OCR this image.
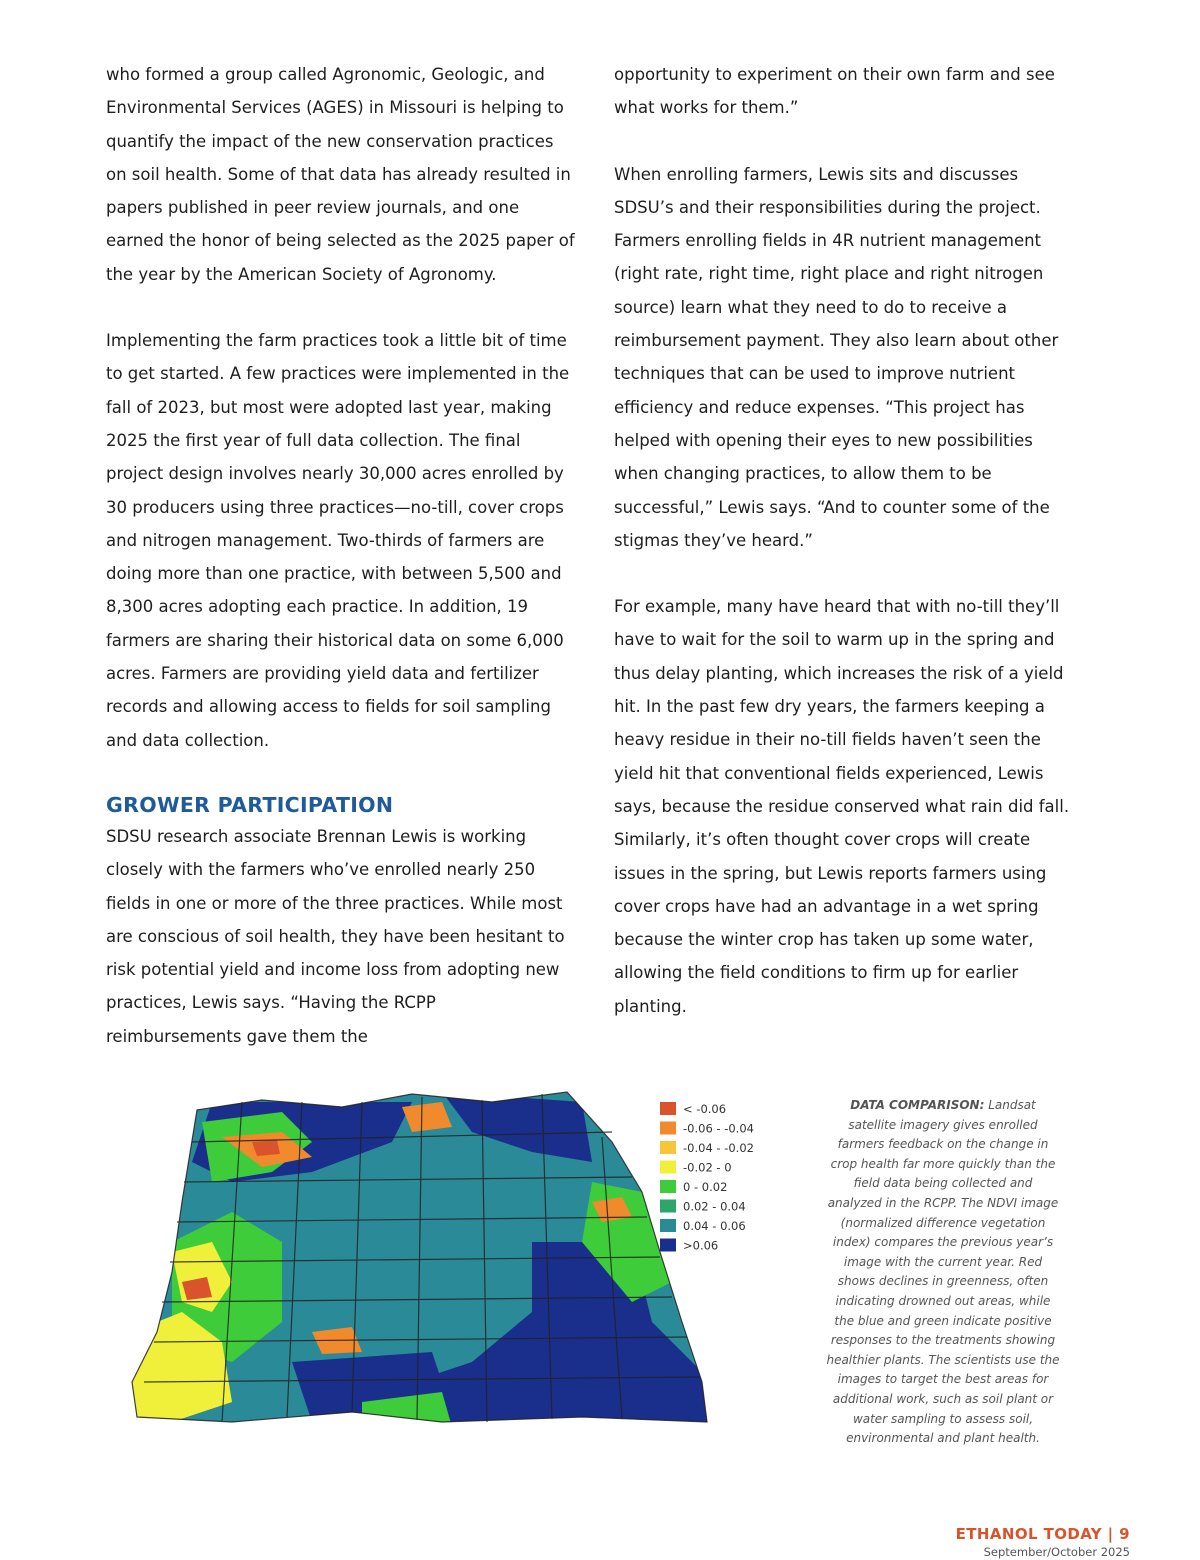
who formed a group called Agronomic, Geologic, and Environmental Services (AGES) in Missouri is helping to quantify the impact of the new conservation practices on soil health. Some of that data has already resulted in papers published in peer review journals, and one earned the honor of being selected as the 2025 paper of the year by the American Society of Agronomy.

Implementing the farm practices took a little bit of time to get started. A few practices were implemented in the fall of 2023, but most were adopted last year, making 2025 the first year of full data collection. The final project design involves nearly 30,000 acres enrolled by 30 producers using three practices—no-till, cover crops and nitrogen management. Two-thirds of farmers are doing more than one practice, with between 5,500 and 8,300 acres adopting each practice. In addition, 19 farmers are sharing their historical data on some 6,000 acres. Farmers are providing yield data and fertilizer records and allowing access to fields for soil sampling and data collection.

GROWER PARTICIPATION

SDSU research associate Brennan Lewis is working closely with the farmers who’ve enrolled nearly 250 fields in one or more of the three practices. While most are conscious of soil health, they have been hesitant to risk potential yield and income loss from adopting new practices, Lewis says. “Having the RCPP reimbursements gave them the

opportunity to experiment on their own farm and see what works for them.”

When enrolling farmers, Lewis sits and discusses SDSU’s and their responsibilities during the project. Farmers enrolling fields in 4R nutrient management (right rate, right time, right place and right nitrogen source) learn what they need to do to receive a reimbursement payment. They also learn about other techniques that can be used to improve nutrient efficiency and reduce expenses. “This project has helped with opening their eyes to new possibilities when changing practices, to allow them to be successful,” Lewis says. “And to counter some of the stigmas they’ve heard.”

For example, many have heard that with no-till they’ll have to wait for the soil to warm up in the spring and thus delay planting, which increases the risk of a yield hit. In the past few dry years, the farmers keeping a heavy residue in their no-till fields haven’t seen the yield hit that conventional fields experienced, Lewis says, because the residue conserved what rain did fall. Similarly, it’s often thought cover crops will create issues in the spring, but Lewis reports farmers using cover crops have had an advantage in a wet spring because the winter crop has taken up some water, allowing the field conditions to firm up for earlier planting.

< -0.06
-0.06 - -0.04
-0.04 - -0.02
-0.02 - 0
0 - 0.02
0.02 - 0.04
0.04 - 0.06
>0.06
DATA COMPARISON: Landsat satellite imagery gives enrolled farmers feedback on the change in crop health far more quickly than the field data being collected and analyzed in the RCPP. The NDVI image (normalized difference vegetation index) compares the previous year’s image with the current year. Red shows declines in greenness, often indicating drowned out areas, while the blue and green indicate positive responses to the treatments showing healthier plants. The scientists use the images to target the best areas for additional work, such as soil plant or water sampling to assess soil, environmental and plant health.
ETHANOL TODAY | 9
September/October 2025
